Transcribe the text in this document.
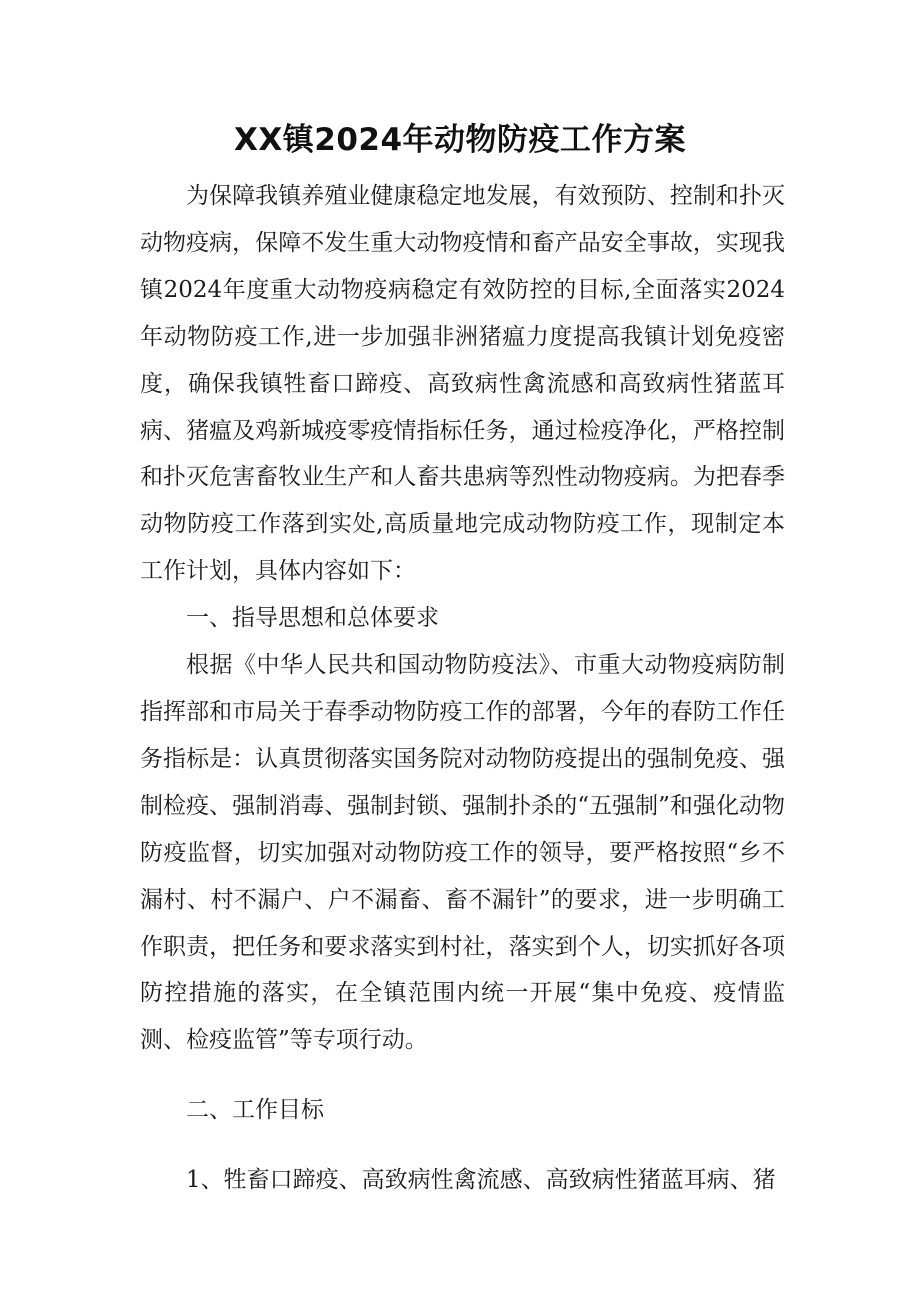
XX镇2024年动物防疫工作方案

为保障我镇养殖业健康稳定地发展，有效预防、控制和扑灭动物疫病，保障不发生重大动物疫情和畜产品安全事故，实现我镇2024年度重大动物疫病稳定有效防控的目标,全面落实2024年动物防疫工作,进一步加强非洲猪瘟力度提高我镇计划免疫密度，确保我镇牲畜口蹄疫、高致病性禽流感和高致病性猪蓝耳病、猪瘟及鸡新城疫零疫情指标任务，通过检疫净化，严格控制和扑灭危害畜牧业生产和人畜共患病等烈性动物疫病。为把春季动物防疫工作落到实处,高质量地完成动物防疫工作，现制定本工作计划，具体内容如下：

一、指导思想和总体要求

根据《中华人民共和国动物防疫法》、市重大动物疫病防制指挥部和市局关于春季动物防疫工作的部署，今年的春防工作任务指标是：认真贯彻落实国务院对动物防疫提出的强制免疫、强制检疫、强制消毒、强制封锁、强制扑杀的“五强制”和强化动物防疫监督，切实加强对动物防疫工作的领导，要严格按照“乡不漏村、村不漏户、户不漏畜、畜不漏针”的要求，进一步明确工作职责，把任务和要求落实到村社，落实到个人，切实抓好各项防控措施的落实，在全镇范围内统一开展“集中免疫、疫情监测、检疫监管”等专项行动。

二、工作目标

1、牲畜口蹄疫、高致病性禽流感、高致病性猪蓝耳病、猪
